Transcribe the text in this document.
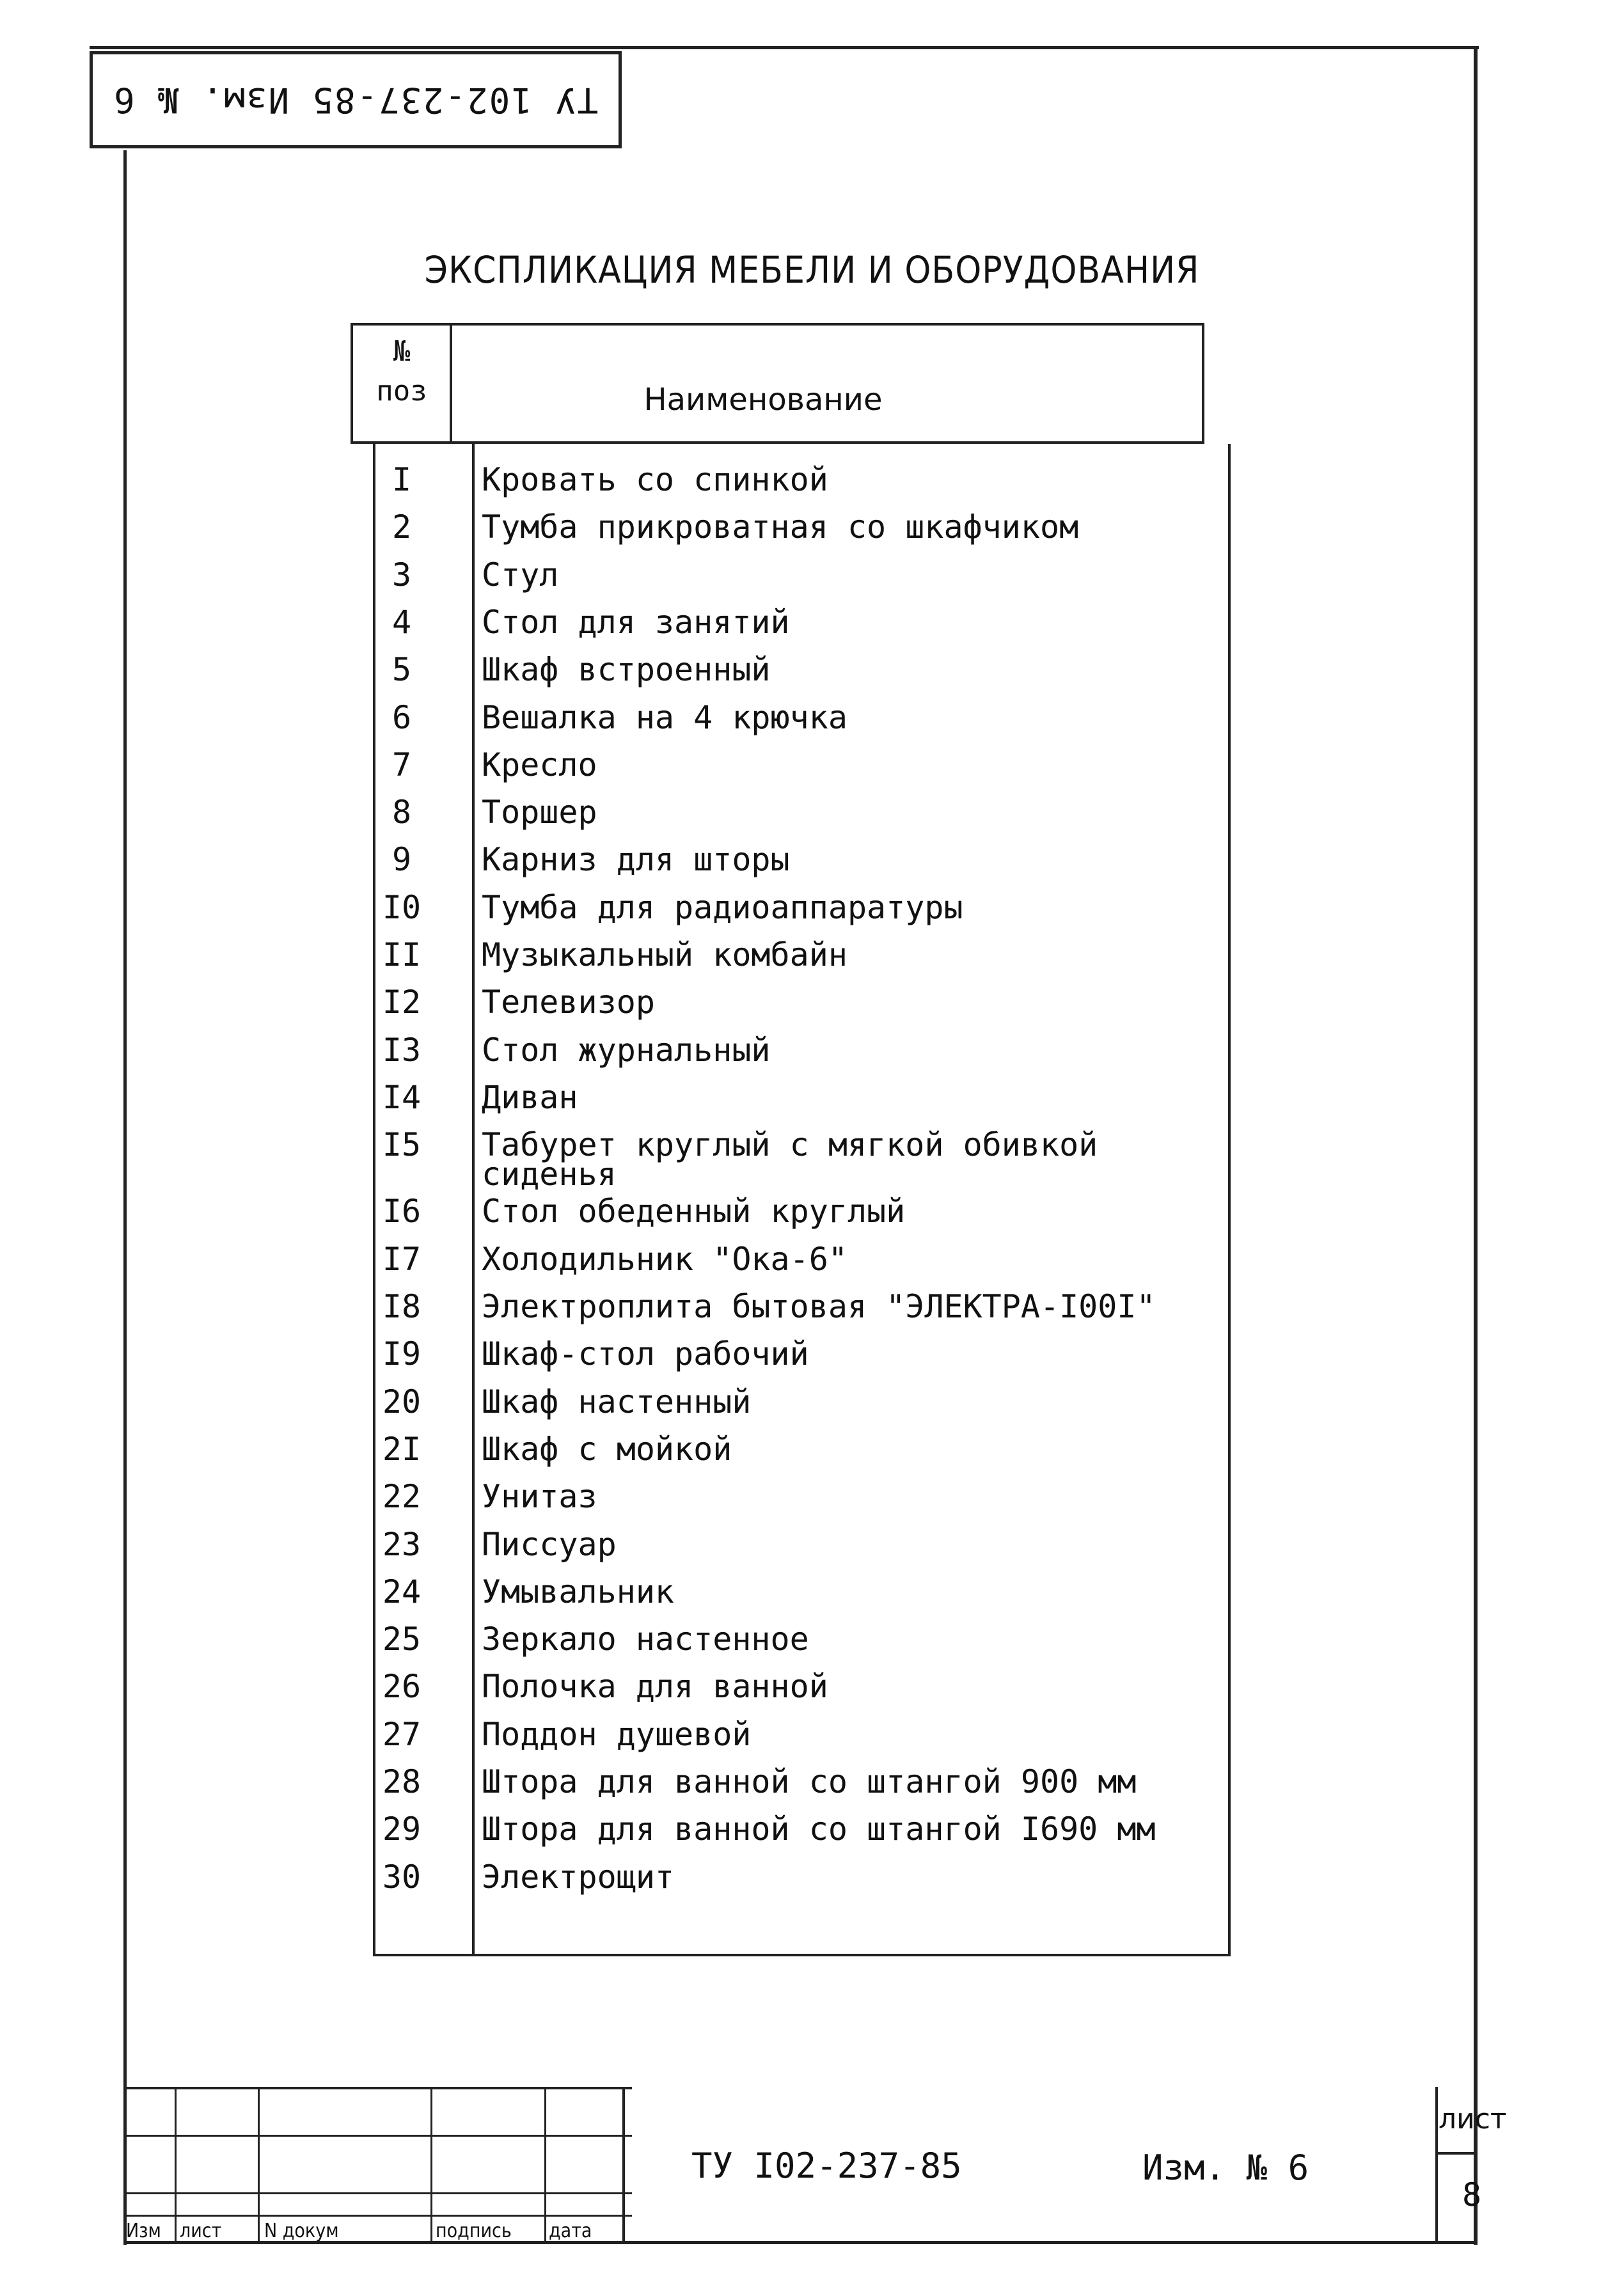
ТУ 102-237-85 Изм. № 6
ЭКСПЛИКАЦИЯ МЕБЕЛИ И ОБОРУДОВАНИЯ
№
поз	Наименование
I	Кровать со спинкой
2	Тумба прикроватная со шкафчиком
3	Стул
4	Стол для занятий
5	Шкаф встроенный
6	Вешалка на 4 крючка
7	Кресло
8	Торшер
9	Карниз для шторы
I0	Тумба для радиоаппаратуры
II	Музыкальный комбайн
I2	Телевизор
I3	Стол журнальный
I4	Диван
I5	Табурет круглый с мягкой обивкой
сиденья
I6	Стол обеденный круглый
I7	Холодильник "Ока-6"
I8	Электроплита бытовая "ЭЛЕКТРА-I00I"
I9	Шкаф-стол рабочий
20	Шкаф настенный
2I	Шкаф с мойкой
22	Унитаз
23	Писсуар
24	Умывальник
25	Зеркало настенное
26	Полочка для ванной
27	Поддон душевой
28	Штора для ванной со штангой 900 мм
29	Штора для ванной со штангой I690 мм
30	Электрощит
Изм лист N докум	подпись дата
ТУ I02-237-85	Изм. № 6
лист
8
